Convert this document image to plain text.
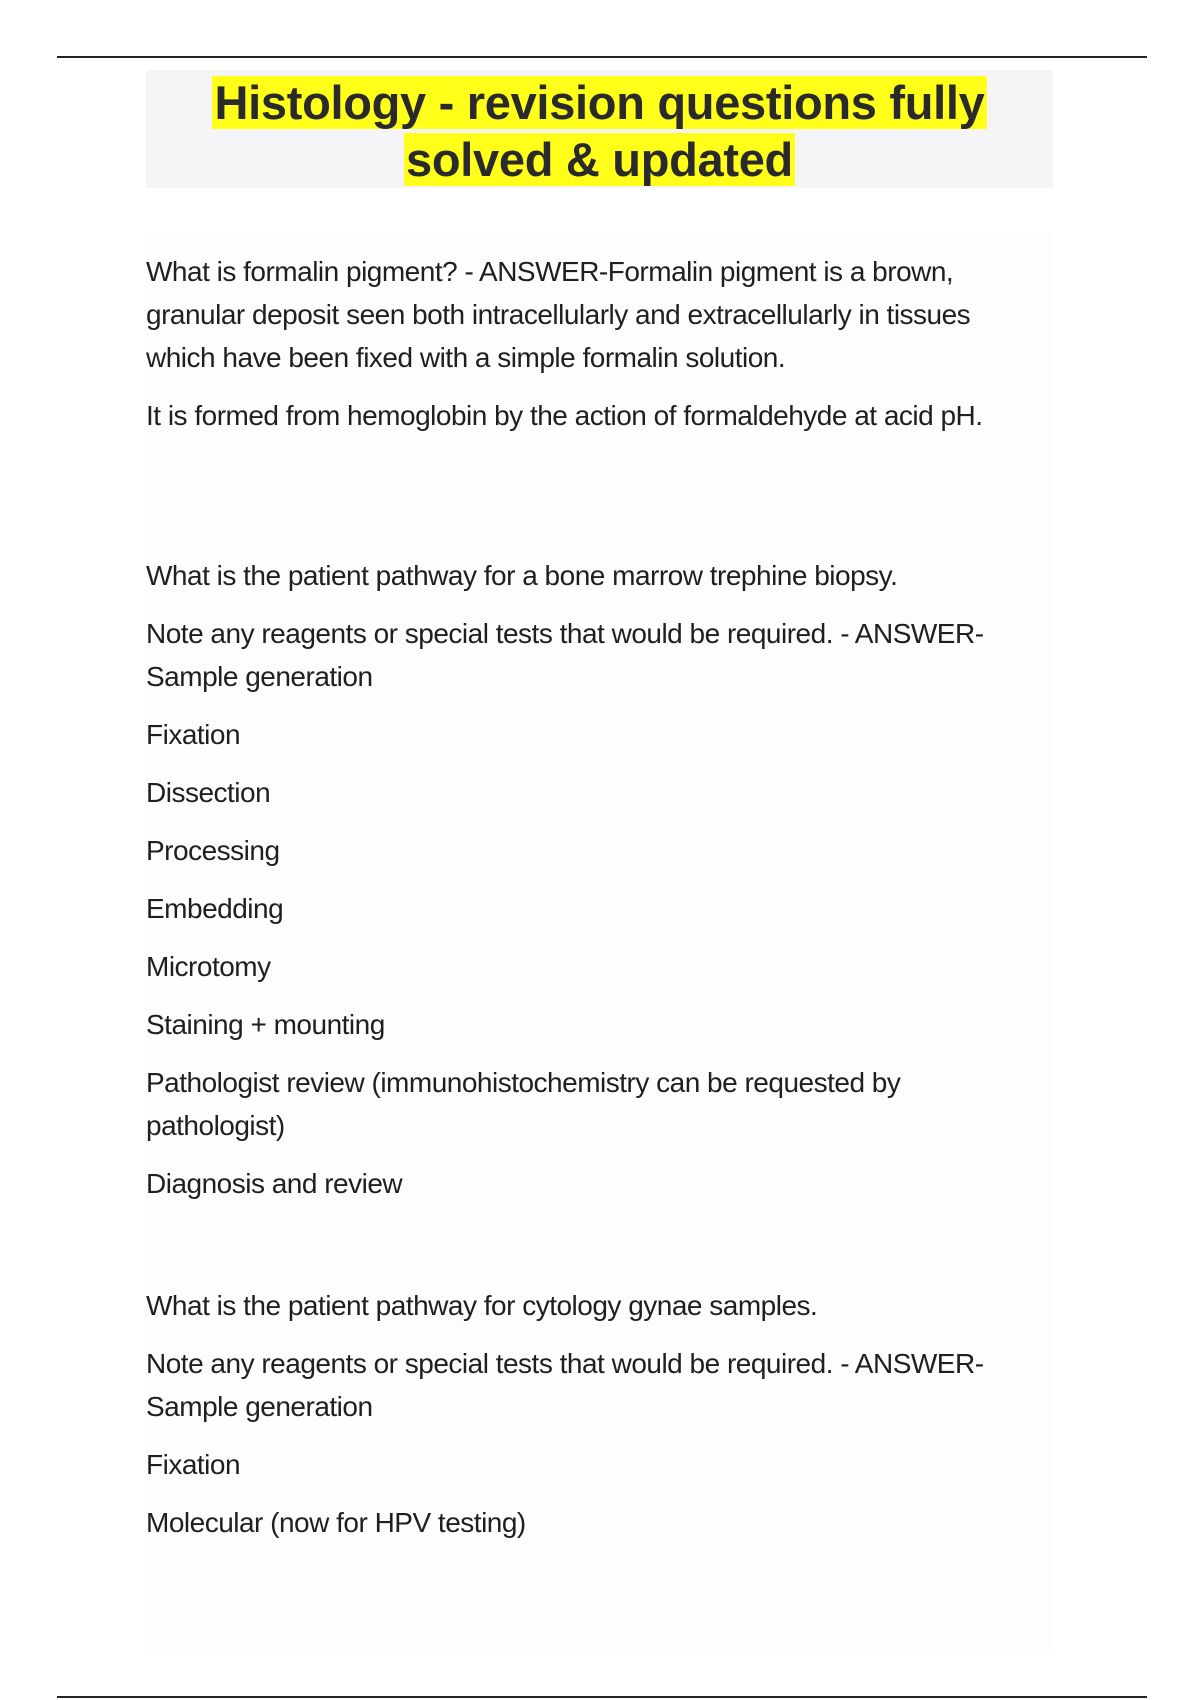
Histology - revision questions fully
solved & updated

What is formalin pigment? - ANSWER-Formalin pigment is a brown, granular deposit seen both intracellularly and extracellularly in tissues which have been fixed with a simple formalin solution.

It is formed from hemoglobin by the action of formaldehyde at acid pH.

What is the patient pathway for a bone marrow trephine biopsy.

Note any reagents or special tests that would be required. - ANSWER-Sample generation

Fixation

Dissection

Processing

Embedding

Microtomy

Staining + mounting

Pathologist review (immunohistochemistry can be requested by pathologist)

Diagnosis and review

What is the patient pathway for cytology gynae samples.

Note any reagents or special tests that would be required. - ANSWER-Sample generation

Fixation

Molecular (now for HPV testing)
